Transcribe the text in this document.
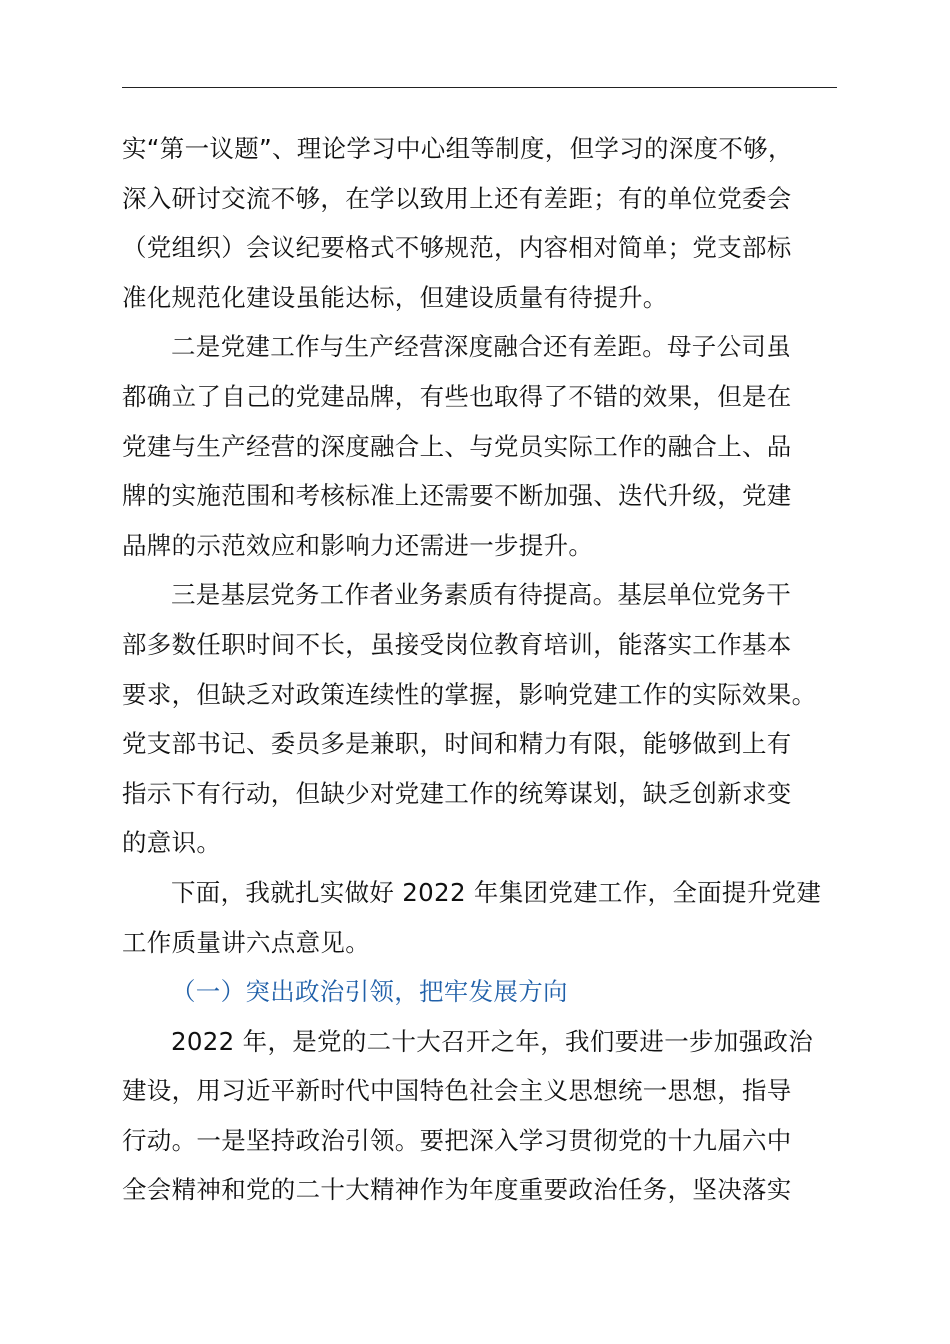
实“第一议题”、理论学习中心组等制度，但学习的深度不够，
深入研讨交流不够，在学以致用上还有差距；有的单位党委会
（党组织）会议纪要格式不够规范，内容相对简单；党支部标
准化规范化建设虽能达标，但建设质量有待提升。
二是党建工作与生产经营深度融合还有差距。母子公司虽
都确立了自己的党建品牌，有些也取得了不错的效果，但是在
党建与生产经营的深度融合上、与党员实际工作的融合上、品
牌的实施范围和考核标准上还需要不断加强、迭代升级，党建
品牌的示范效应和影响力还需进一步提升。
三是基层党务工作者业务素质有待提高。基层单位党务干
部多数任职时间不长，虽接受岗位教育培训，能落实工作基本
要求，但缺乏对政策连续性的掌握，影响党建工作的实际效果。
党支部书记、委员多是兼职，时间和精力有限，能够做到上有
指示下有行动，但缺少对党建工作的统筹谋划，缺乏创新求变
的意识。
下面，我就扎实做好 2022 年集团党建工作，全面提升党建
工作质量讲六点意见。
（一）突出政治引领，把牢发展方向
2022 年，是党的二十大召开之年，我们要进一步加强政治
建设，用习近平新时代中国特色社会主义思想统一思想，指导
行动。一是坚持政治引领。要把深入学习贯彻党的十九届六中
全会精神和党的二十大精神作为年度重要政治任务，坚决落实
